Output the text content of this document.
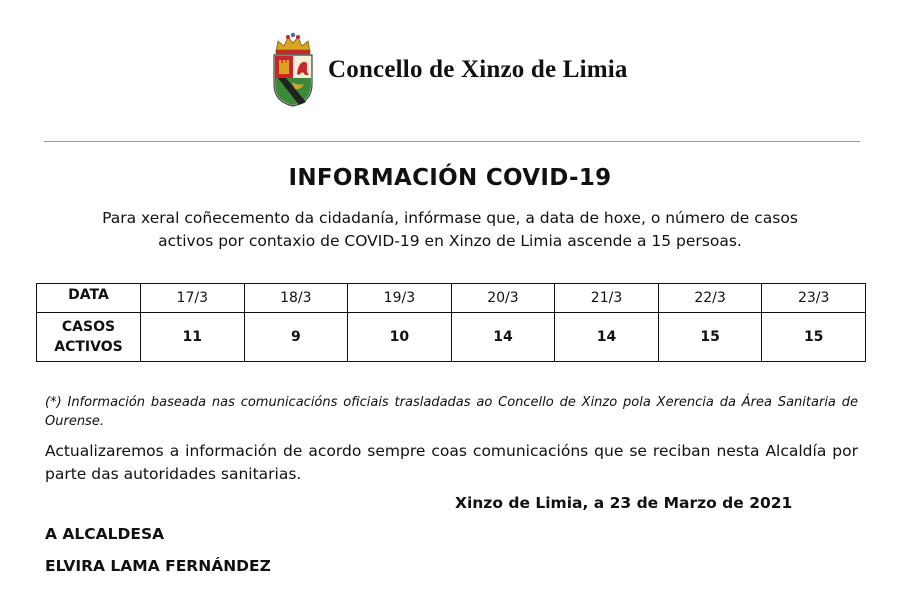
Concello de Xinzo de Limia
INFORMACIÓN COVID-19
Para xeral coñecemento da cidadanía, infórmase que, a data de hoxe, o número de casos
activos por contaxio de COVID-19 en Xinzo de Limia ascende a 15 persoas.
DATA	17/3	18/3	19/3	20/3	21/3	22/3	23/3

CASOS
ACTIVOS	11	9	10	14	14	15	15
(*) Información baseada nas comunicacións oficiais trasladadas ao Concello de Xinzo pola Xerencia da Área Sanitaria de Ourense.
Actualizaremos a información de acordo sempre coas comunicacións que se reciban nesta Alcaldía por parte das autoridades sanitarias.
Xinzo de Limia, a 23 de Marzo de 2021
A ALCALDESA
ELVIRA LAMA FERNÁNDEZ
